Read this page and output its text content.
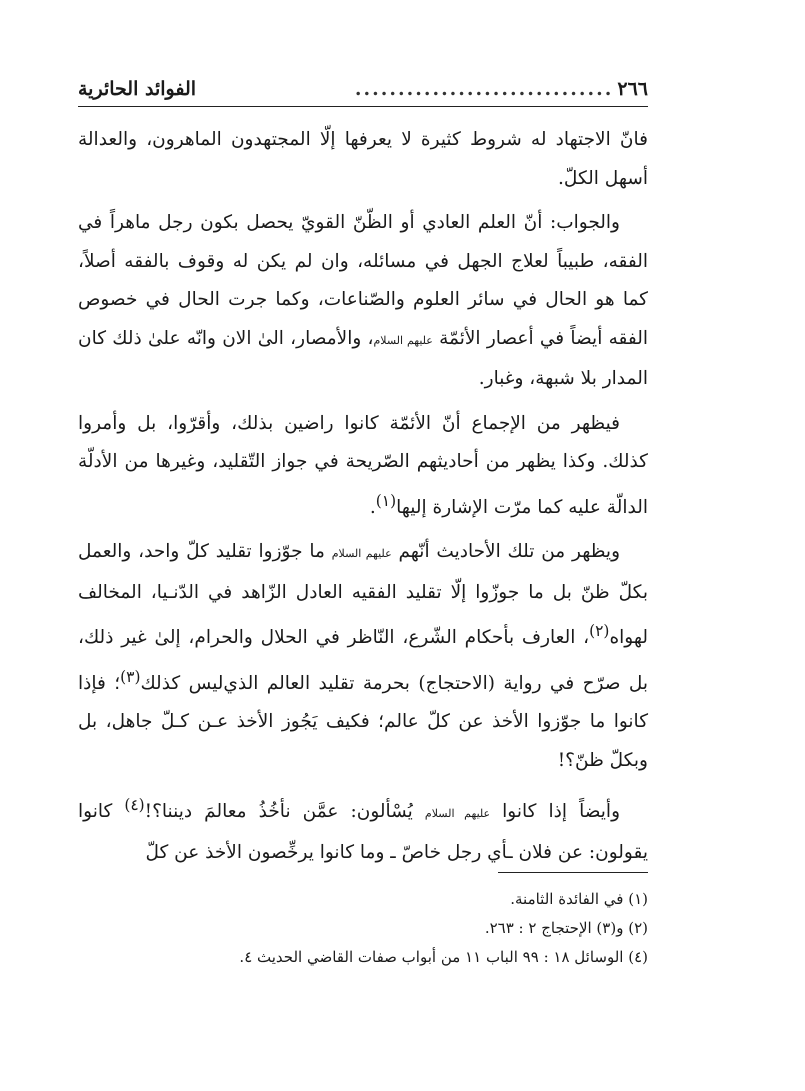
٢٦٦
..............................
الفوائد الحائرية

فانّ الاجتهاد له شروط كثيرة لا يعرفها إلّا المجتهدون الماهرون، والعدالة أسهل الكلّ.

والجواب: أنّ العلم العادي أو الظّنّ القويّ يحصل بكون رجل ماهراً في الفقه، طبيباً لعلاج الجهل في مسائله، وان لم يكن له وقوف بالفقه أصلاً، كما هو الحال في سائر العلوم والصّناعات، وكما جرت الحال في خصوص الفقه أيضاً في أعصار الأئمّة عليهم السلام، والأمصار، الىٰ الان وانّه علىٰ ذلك كان المدار بلا شبهة، وغبار.

فيظهر من الإجماع أنّ الأئمّة كانوا راضين بذلك، وأقرّوا، بل وأمروا كذلك. وكذا يظهر من أحاديثهم الصّريحة في جواز التّقليد، وغيرها من الأدلّة الدالّة عليه كما مرّت الإشارة إليها$^{(١)}$.

ويظهر من تلك الأحاديث أنّهم عليهم السلام ما جوّزوا تقليد كلّ واحد، والعمل بكلّ ظنّ بل ما جوزّوا إلّا تقليد الفقيه العادل الزّاهد في الدّنـيا، المخالف لهواه$^{(٢)}$، العارف بأحكام الشّرع، النّاظر في الحلال والحرام، إلىٰ غير ذلك، بل صرّح في رواية (الاحتجاج) بحرمة تقليد العالم الذي‌ليس كذلك$^{(٣)}$؛ فإذا كانوا ما جوّزوا الأخذ عن كلّ عالم؛ فكيف يَجُوز الأخذ عـن كـلّ جاهل، بل وبكلّ ظنّ؟!

وأيضاً إذا كانوا عليهم السلام يُسْألون: عمَّن نأخُذُ معالمَ ديننا؟!$^{(٤)}$ كانوا يقولون: عن فلان ـأي رجل خاصّ ـ وما كانوا يرخِّصون الأخذ عن كلّ

(١) في الفائدة الثامنة.
(٢) و(٣) الإحتجاج ٢ : ٢٦٣.
(٤) الوسائل ١٨ : ٩٩ الباب ١١ من أبواب صفات القاضي الحديث ٤.
